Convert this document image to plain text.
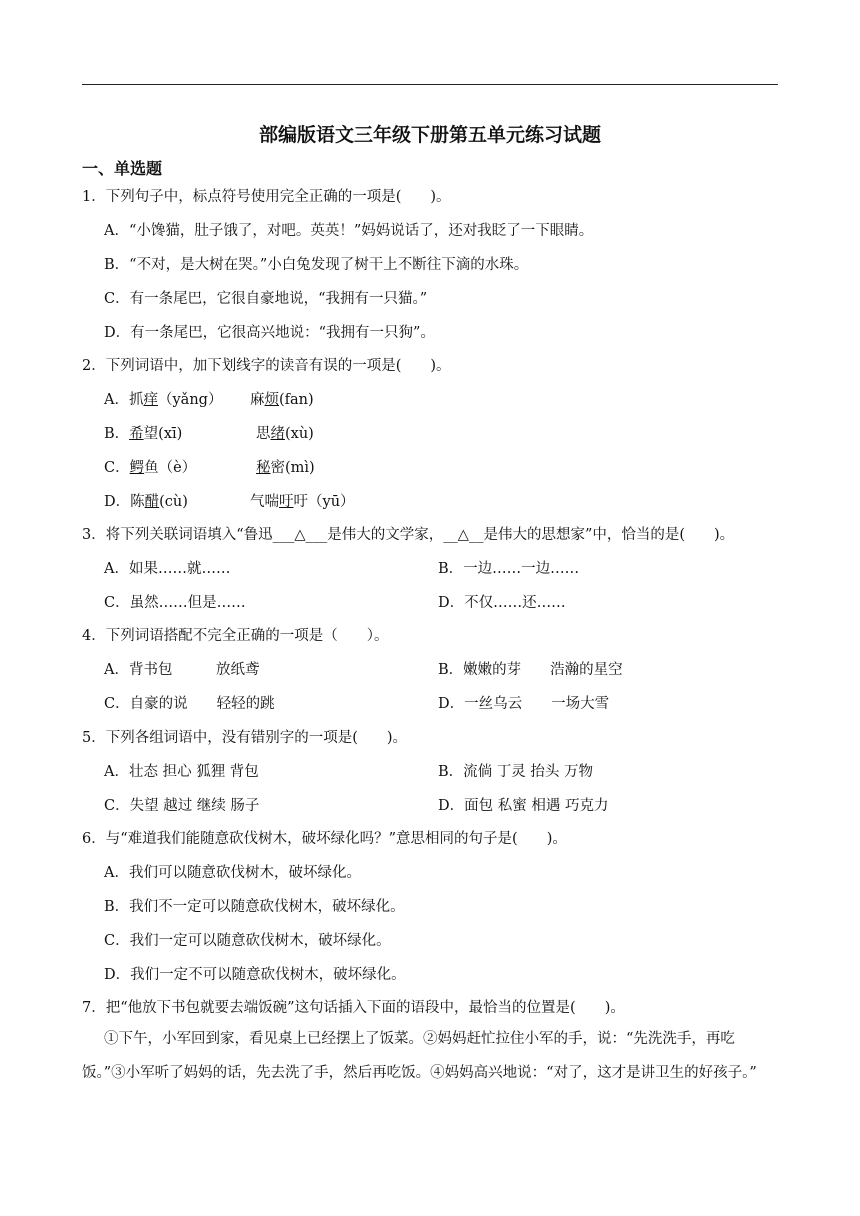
部编版语文三年级下册第五单元练习试题
一、单选题
1．下列句子中，标点符号使用完全正确的一项是(　　)。
A．“小馋猫，肚子饿了，对吧。英英！”妈妈说话了，还对我眨了一下眼睛。
B．“不对，是大树在哭。”小白兔发现了树干上不断往下滴的水珠。
C．有一条尾巴，它很自豪地说，“我拥有一只猫。”
D．有一条尾巴，它很高兴地说：“我拥有一只狗”。
2．下列词语中，加下划线字的读音有误的一项是(　　)。
A．抓痒（yǎng） 麻烦(fan)
B．希望(xī)	思绪(xù)
C．鳄鱼（è）	秘密(mì)
D．陈醋(cù)	气喘吁吁（yū）
3．将下列关联词语填入“鲁迅___△___是伟大的文学家，__△__是伟大的思想家”中，恰当的是(　　)。
A．如果……就……	B．一边……一边……
C．虽然……但是……	D．不仅……还……
4．下列词语搭配不完全正确的一项是（　　）。
A．背书包　　　放纸鸢	B．嫩嫩的芽　　浩瀚的星空
C．自豪的说　　轻轻的跳	D．一丝乌云　　一场大雪
5．下列各组词语中，没有错别字的一项是(　　)。
A．壮态 担心 狐狸 背包	B．流倘 丁灵 抬头 万物
C．失望 越过 继续 肠子	D．面包 私蜜 相遇 巧克力
6．与“难道我们能随意砍伐树木，破坏绿化吗？”意思相同的句子是(　　)。
A．我们可以随意砍伐树木，破坏绿化。
B．我们不一定可以随意砍伐树木，破坏绿化。
C．我们一定可以随意砍伐树木，破坏绿化。
D．我们一定不可以随意砍伐树木，破坏绿化。
7．把“他放下书包就要去端饭碗”这句话插入下面的语段中，最恰当的位置是(　　)。
①下午，小军回到家，看见桌上已经摆上了饭菜。②妈妈赶忙拉住小军的手，说：“先洗洗手，再吃饭。”③小军听了妈妈的话，先去洗了手，然后再吃饭。④妈妈高兴地说：“对了，这才是讲卫生的好孩子。”
